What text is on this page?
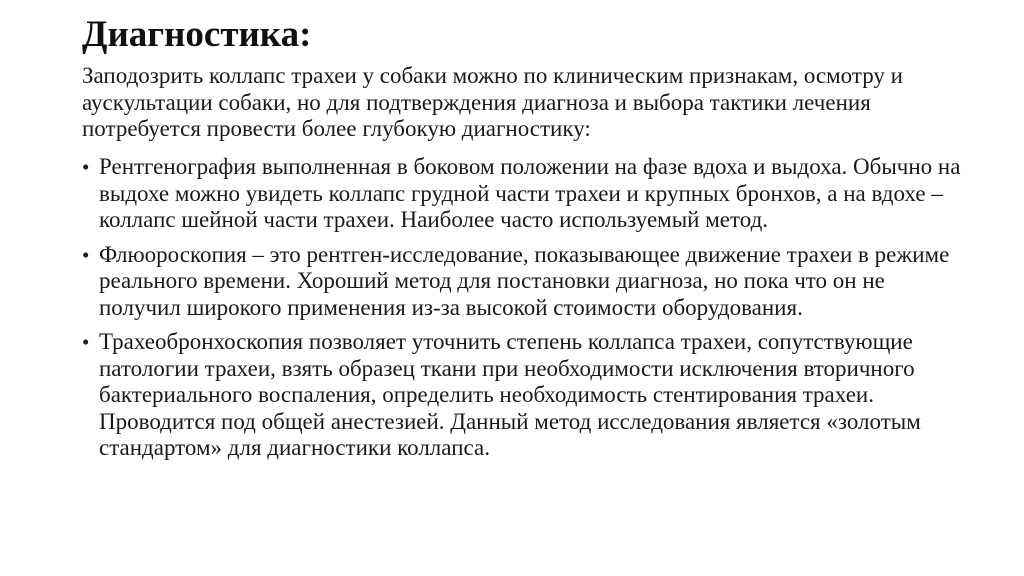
Диагностика:

Заподозрить коллапс трахеи у собаки можно по клиническим признакам, осмотру и аускультации собаки, но для подтверждения диагноза и выбора тактики лечения потребуется провести более глубокую диагностику:

• Рентгенография выполненная в боковом положении на фазе вдоха и выдоха. Обычно на выдохе можно увидеть коллапс грудной части трахеи и крупных бронхов, а на вдохе – коллапс шейной части трахеи. Наиболее часто используемый метод.
• Флюороскопия – это рентген-исследование, показывающее движение трахеи в режиме реального времени. Хороший метод для постановки диагноза, но пока что он не получил широкого применения из-за высокой стоимости оборудования.
• Трахеобронхоскопия позволяет уточнить степень коллапса трахеи, сопутствующие патологии трахеи, взять образец ткани при необходимости исключения вторичного бактериального воспаления, определить необходимость стентирования трахеи. Проводится под общей анестезией. Данный метод исследования является «золотым стандартом» для диагностики коллапса.
